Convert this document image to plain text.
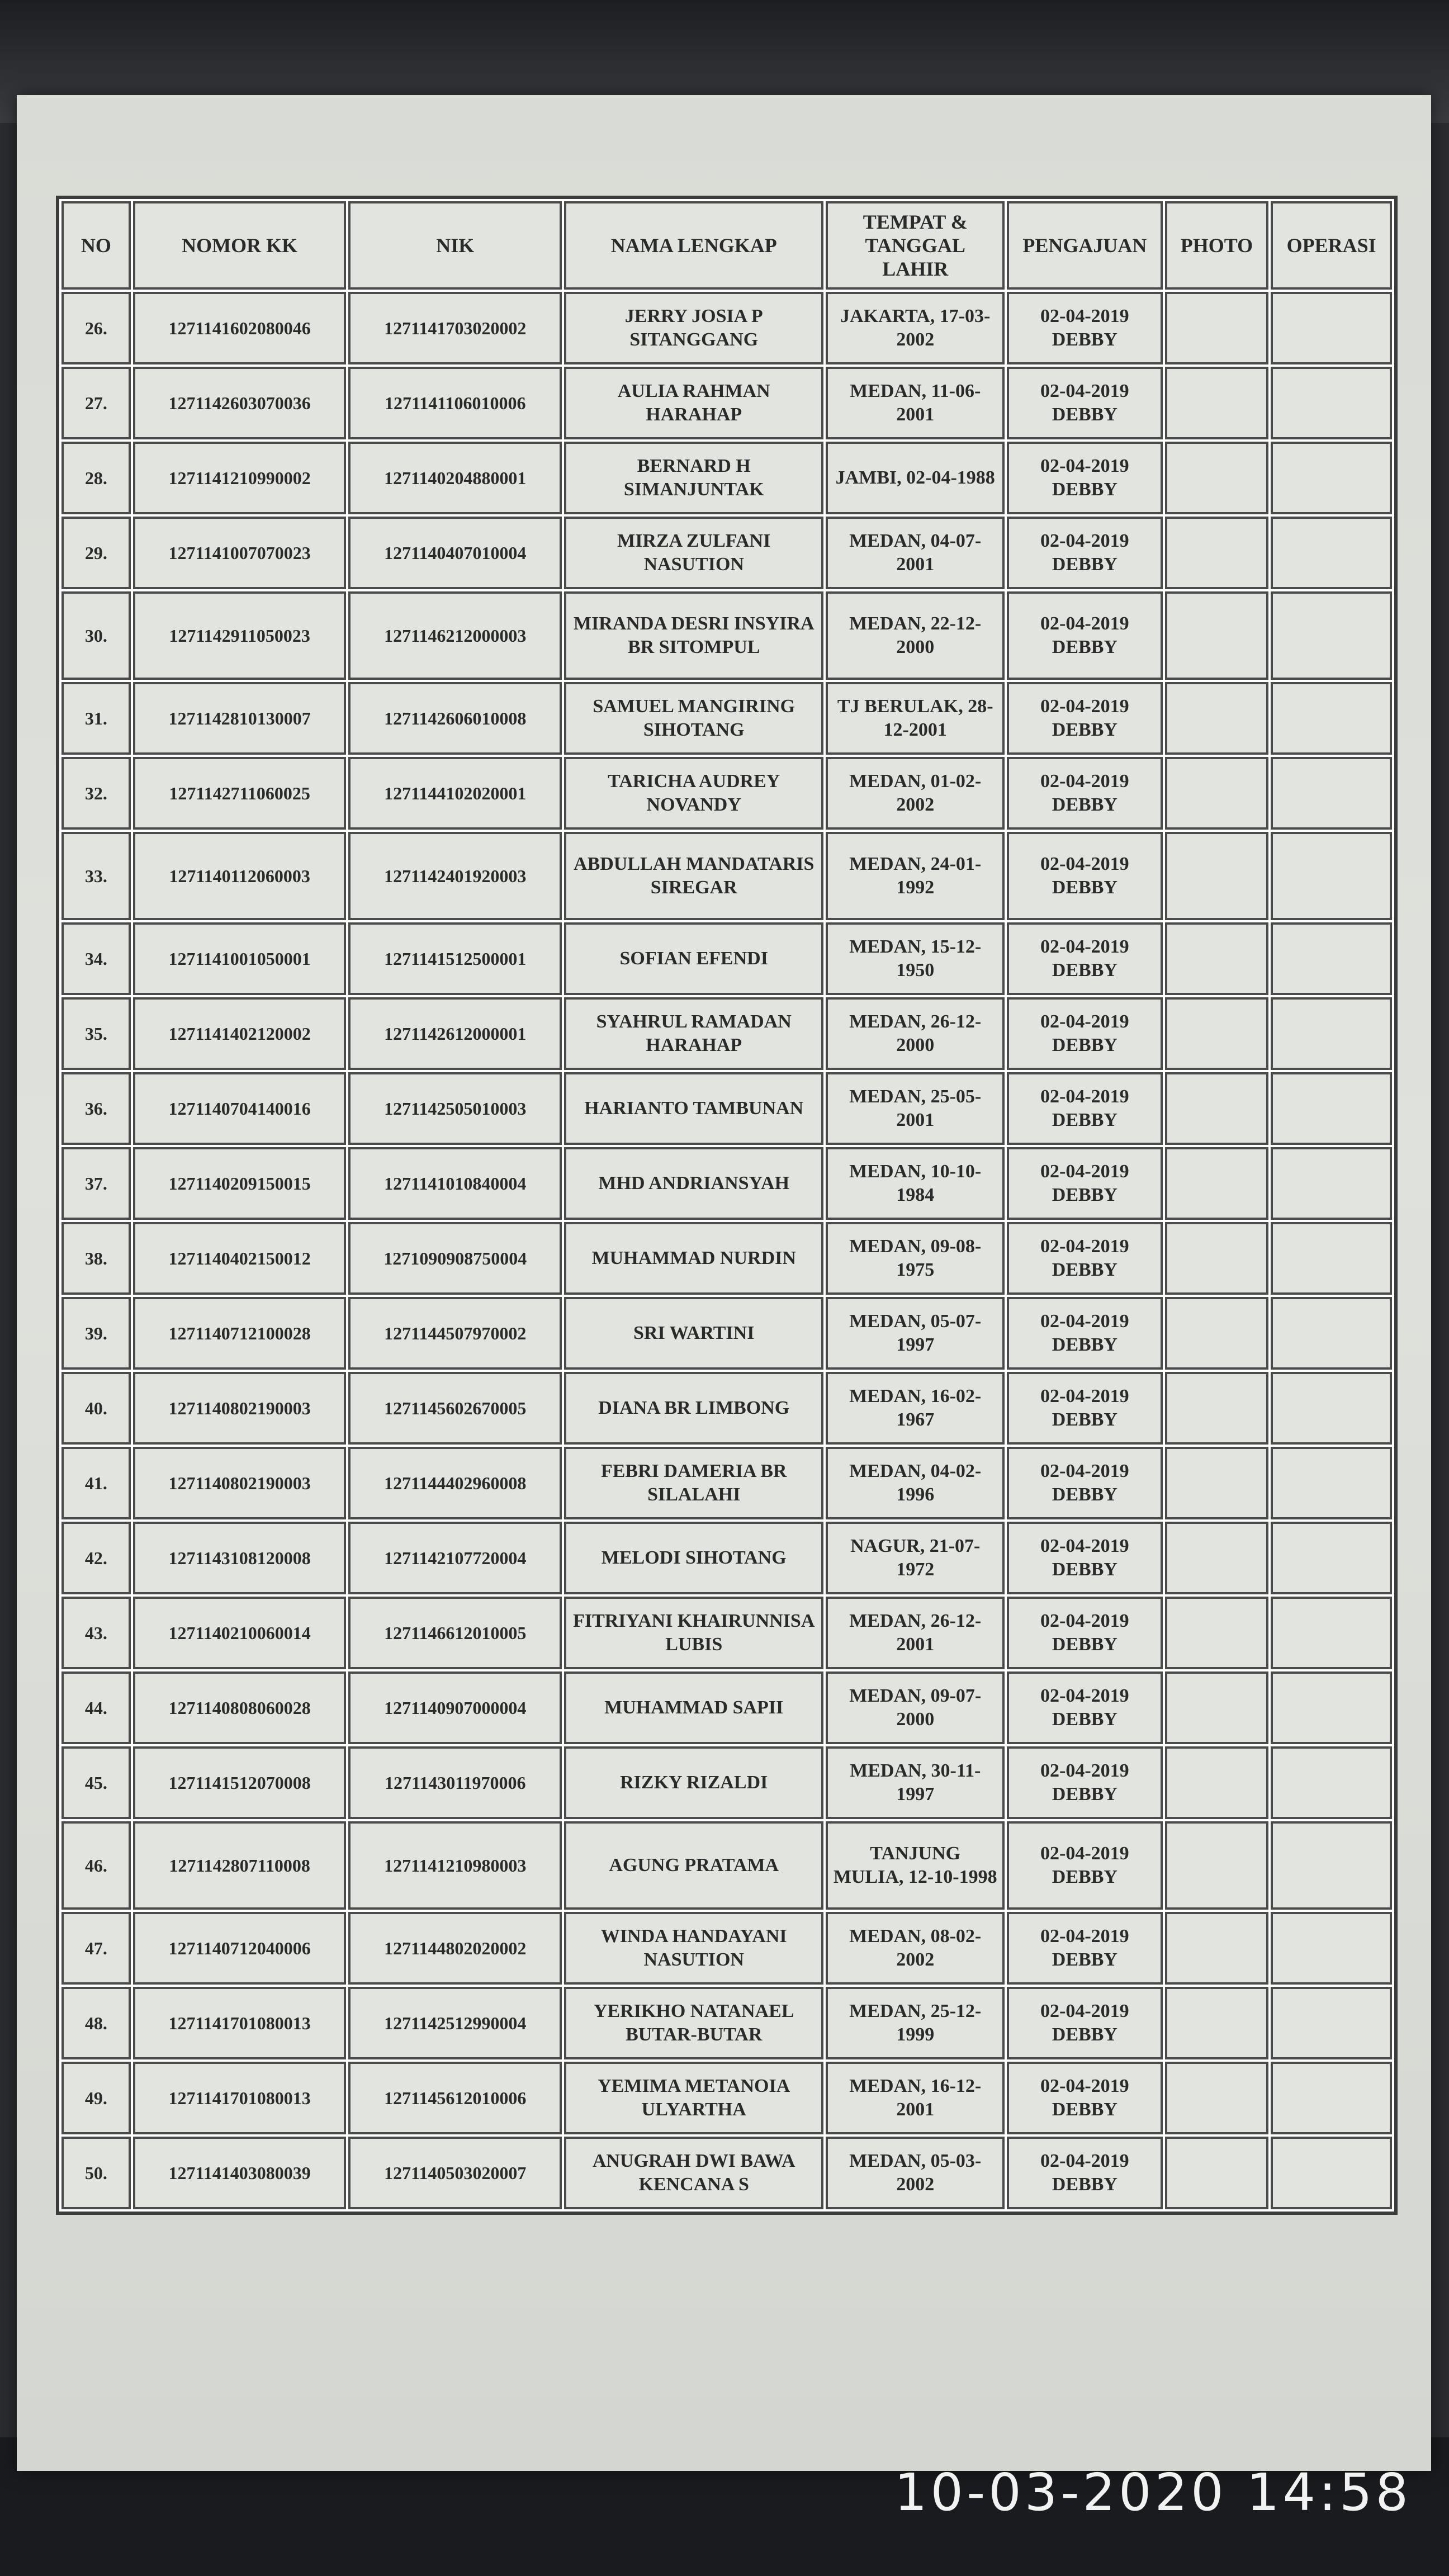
NO	NOMOR KK	NIK	NAMA LENGKAP	TEMPAT & TANGGAL LAHIR	PENGAJUAN	PHOTO	OPERASI
26.	1271141602080046	1271141703020002	JERRY JOSIA P SITANGGANG	JAKARTA, 17-03-2002	02-04-2019
DEBBY		

27.	1271142603070036	1271141106010006	AULIA RAHMAN HARAHAP	MEDAN, 11-06-2001	02-04-2019
DEBBY		

28.	1271141210990002	1271140204880001	BERNARD H SIMANJUNTAK	JAMBI, 02-04-1988	02-04-2019
DEBBY		

29.	1271141007070023	1271140407010004	MIRZA ZULFANI NASUTION	MEDAN, 04-07-2001	02-04-2019
DEBBY		

30.	1271142911050023	1271146212000003	MIRANDA DESRI INSYIRA BR SITOMPUL	MEDAN, 22-12-2000	02-04-2019
DEBBY		

31.	1271142810130007	1271142606010008	SAMUEL MANGIRING SIHOTANG	TJ BERULAK, 28-12-2001	02-04-2019
DEBBY		

32.	1271142711060025	1271144102020001	TARICHA AUDREY NOVANDY	MEDAN, 01-02-2002	02-04-2019
DEBBY		

33.	1271140112060003	1271142401920003	ABDULLAH MANDATARIS SIREGAR	MEDAN, 24-01-1992	02-04-2019
DEBBY		

34.	1271141001050001	1271141512500001	SOFIAN EFENDI	MEDAN, 15-12-1950	02-04-2019
DEBBY		

35.	1271141402120002	1271142612000001	SYAHRUL RAMADAN HARAHAP	MEDAN, 26-12-2000	02-04-2019
DEBBY		

36.	1271140704140016	1271142505010003	HARIANTO TAMBUNAN	MEDAN, 25-05-2001	02-04-2019
DEBBY		

37.	1271140209150015	1271141010840004	MHD ANDRIANSYAH	MEDAN, 10-10-1984	02-04-2019
DEBBY		

38.	1271140402150012	1271090908750004	MUHAMMAD NURDIN	MEDAN, 09-08-1975	02-04-2019
DEBBY		

39.	1271140712100028	1271144507970002	SRI WARTINI	MEDAN, 05-07-1997	02-04-2019
DEBBY		

40.	1271140802190003	1271145602670005	DIANA BR LIMBONG	MEDAN, 16-02-1967	02-04-2019
DEBBY		

41.	1271140802190003	1271144402960008	FEBRI DAMERIA BR SILALAHI	MEDAN, 04-02-1996	02-04-2019
DEBBY		

42.	1271143108120008	1271142107720004	MELODI SIHOTANG	NAGUR, 21-07-1972	02-04-2019
DEBBY		

43.	1271140210060014	1271146612010005	FITRIYANI KHAIRUNNISA LUBIS	MEDAN, 26-12-2001	02-04-2019
DEBBY		

44.	1271140808060028	1271140907000004	MUHAMMAD SAPII	MEDAN, 09-07-2000	02-04-2019
DEBBY		

45.	1271141512070008	1271143011970006	RIZKY RIZALDI	MEDAN, 30-11-1997	02-04-2019
DEBBY		

46.	1271142807110008	1271141210980003	AGUNG PRATAMA	TANJUNG MULIA, 12-10-1998	02-04-2019
DEBBY		

47.	1271140712040006	1271144802020002	WINDA HANDAYANI NASUTION	MEDAN, 08-02-2002	02-04-2019
DEBBY		

48.	1271141701080013	1271142512990004	YERIKHO NATANAEL BUTAR-BUTAR	MEDAN, 25-12-1999	02-04-2019
DEBBY		

49.	1271141701080013	1271145612010006	YEMIMA METANOIA ULYARTHA	MEDAN, 16-12-2001	02-04-2019
DEBBY		

50.	1271141403080039	1271140503020007	ANUGRAH DWI BAWA KENCANA S	MEDAN, 05-03-2002	02-04-2019
DEBBY		

10-03-2020 14:58
